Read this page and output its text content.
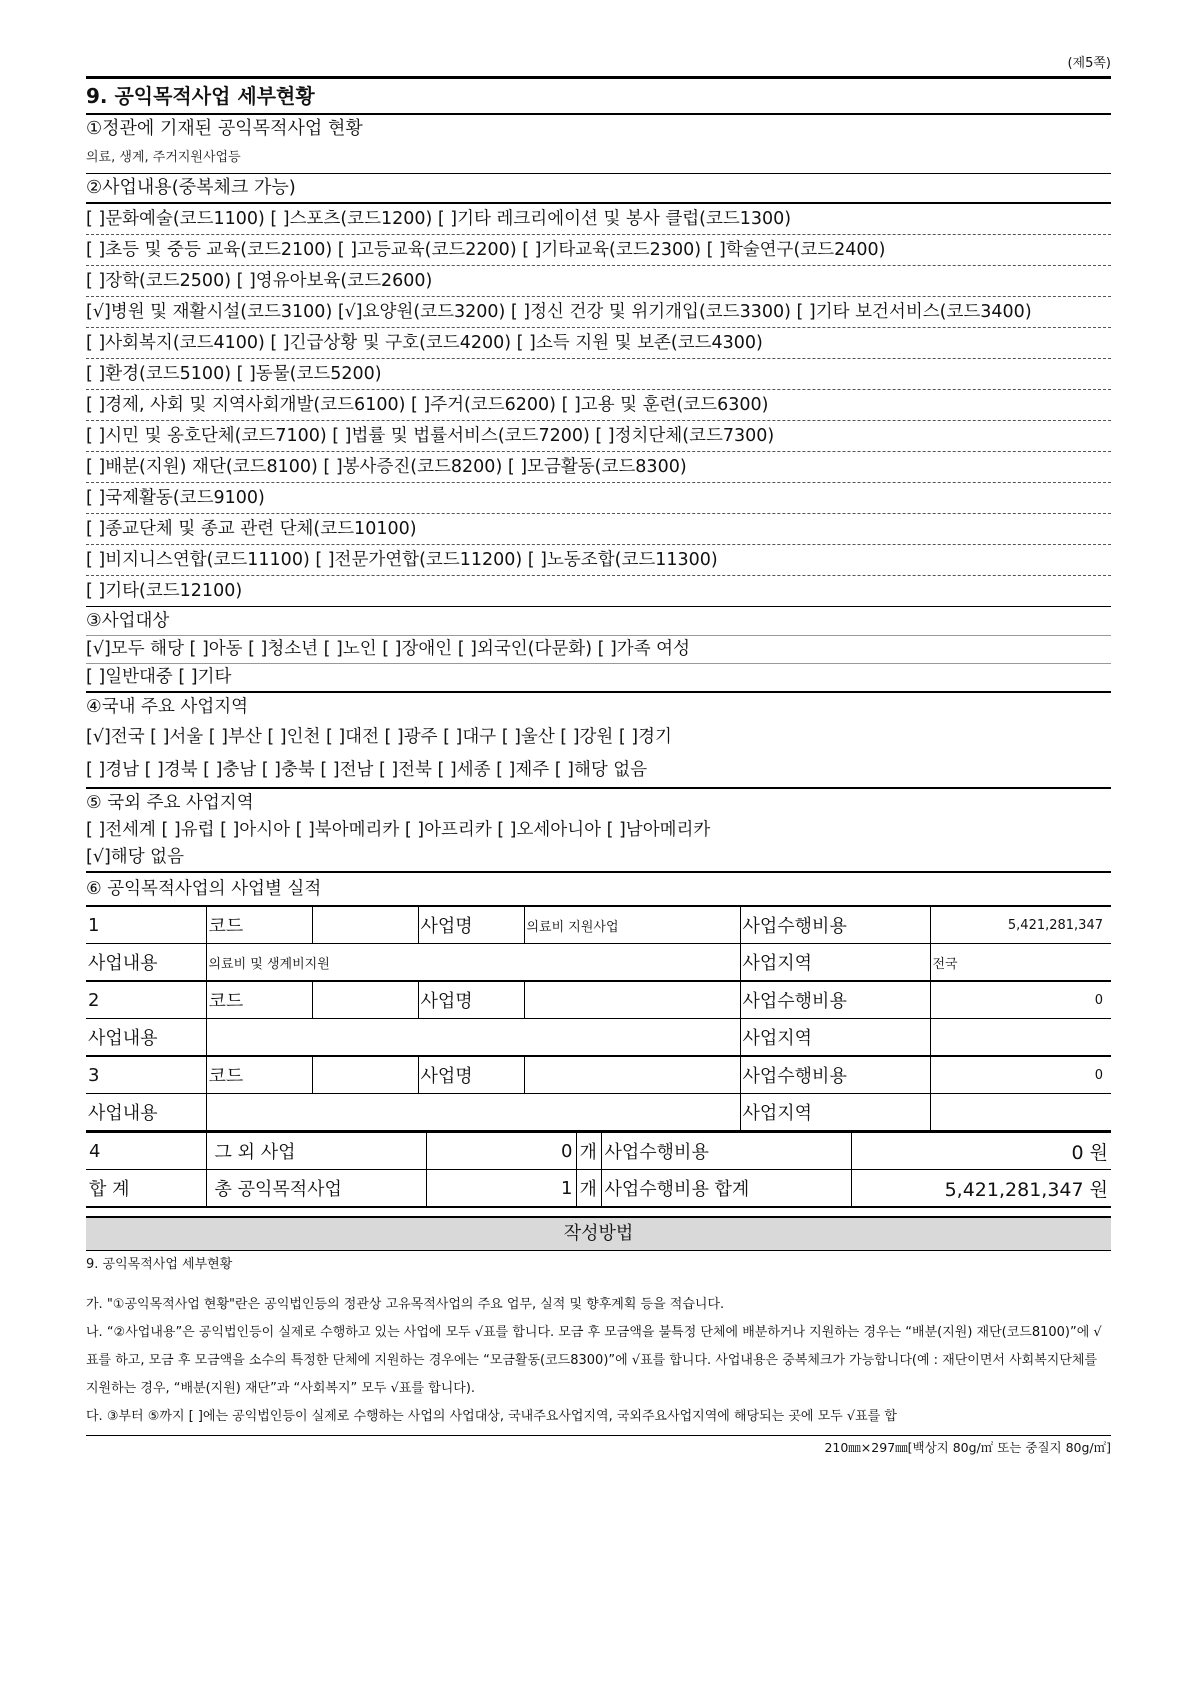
(제5쪽)
9. 공익목적사업 세부현황
①정관에 기재된 공익목적사업 현황
의료, 생계, 주거지원사업등
②사업내용(중복체크 가능)
[ ]문화예술(코드1100) [ ]스포츠(코드1200) [ ]기타 레크리에이션 및 봉사 클럽(코드1300)
[ ]초등 및 중등 교육(코드2100) [ ]고등교육(코드2200) [ ]기타교육(코드2300) [ ]학술연구(코드2400)
[ ]장학(코드2500) [ ]영유아보육(코드2600)
[√]병원 및 재활시설(코드3100) [√]요양원(코드3200) [ ]정신 건강 및 위기개입(코드3300) [ ]기타 보건서비스(코드3400)
[ ]사회복지(코드4100) [ ]긴급상황 및 구호(코드4200) [ ]소득 지원 및 보존(코드4300)
[ ]환경(코드5100) [ ]동물(코드5200)
[ ]경제, 사회 및 지역사회개발(코드6100) [ ]주거(코드6200) [ ]고용 및 훈련(코드6300)
[ ]시민 및 옹호단체(코드7100) [ ]법률 및 법률서비스(코드7200) [ ]정치단체(코드7300)
[ ]배분(지원) 재단(코드8100) [ ]봉사증진(코드8200) [ ]모금활동(코드8300)
[ ]국제활동(코드9100)
[ ]종교단체 및 종교 관련 단체(코드10100)
[ ]비지니스연합(코드11100) [ ]전문가연합(코드11200) [ ]노동조합(코드11300)
[ ]기타(코드12100)
③사업대상
[√]모두 해당 [ ]아동 [ ]청소년 [ ]노인 [ ]장애인 [ ]외국인(다문화) [ ]가족 여성
[ ]일반대중 [ ]기타
④국내 주요 사업지역
[√]전국 [ ]서울 [ ]부산 [ ]인천 [ ]대전 [ ]광주 [ ]대구 [ ]울산 [ ]강원 [ ]경기
[ ]경남 [ ]경북 [ ]충남 [ ]충북 [ ]전남 [ ]전북 [ ]세종 [ ]제주 [ ]해당 없음
⑤ 국외 주요 사업지역
[ ]전세계 [ ]유럽 [ ]아시아 [ ]북아메리카 [ ]아프리카 [ ]오세아니아 [ ]남아메리카
[√]해당 없음
⑥ 공익목적사업의 사업별 실적
1	코드		사업명	의료비 지원사업	사업수행비용	5,421,281,347
사업내용	의료비 및 생계비지원				사업지역	전국
2	코드		사업명		사업수행비용	0
사업내용					사업지역	
3	코드		사업명		사업수행비용	0
사업내용					사업지역	
4	그 외 사업	0	개	사업수행비용	0 원
합 계	총 공익목적사업	1	개	사업수행비용 합계	5,421,281,347 원
작성방법
9. 공익목적사업 세부현황
가. "①공익목적사업 현황"란은 공익법인등의 정관상 고유목적사업의 주요 업무, 실적 및 향후계획 등을 적습니다.
나. “②사업내용”은 공익법인등이 실제로 수행하고 있는 사업에 모두 √표를 합니다. 모금 후 모금액을 불특정 단체에 배분하거나 지원하는 경우는 “배분(지원) 재단(코드8100)”에 √표를 하고, 모금 후 모금액을 소수의 특정한 단체에 지원하는 경우에는 “모금활동(코드8300)”에 √표를 합니다. 사업내용은 중복체크가 가능합니다(예 : 재단이면서 사회복지단체를 지원하는 경우, “배분(지원) 재단”과 “사회복지” 모두 √표를 합니다).
다. ③부터 ⑤까지 [ ]에는 공익법인등이 실제로 수행하는 사업의 사업대상, 국내주요사업지역, 국외주요사업지역에 해당되는 곳에 모두 √표를 합
210㎜×297㎜[백상지 80g/㎡ 또는 중질지 80g/㎡]
